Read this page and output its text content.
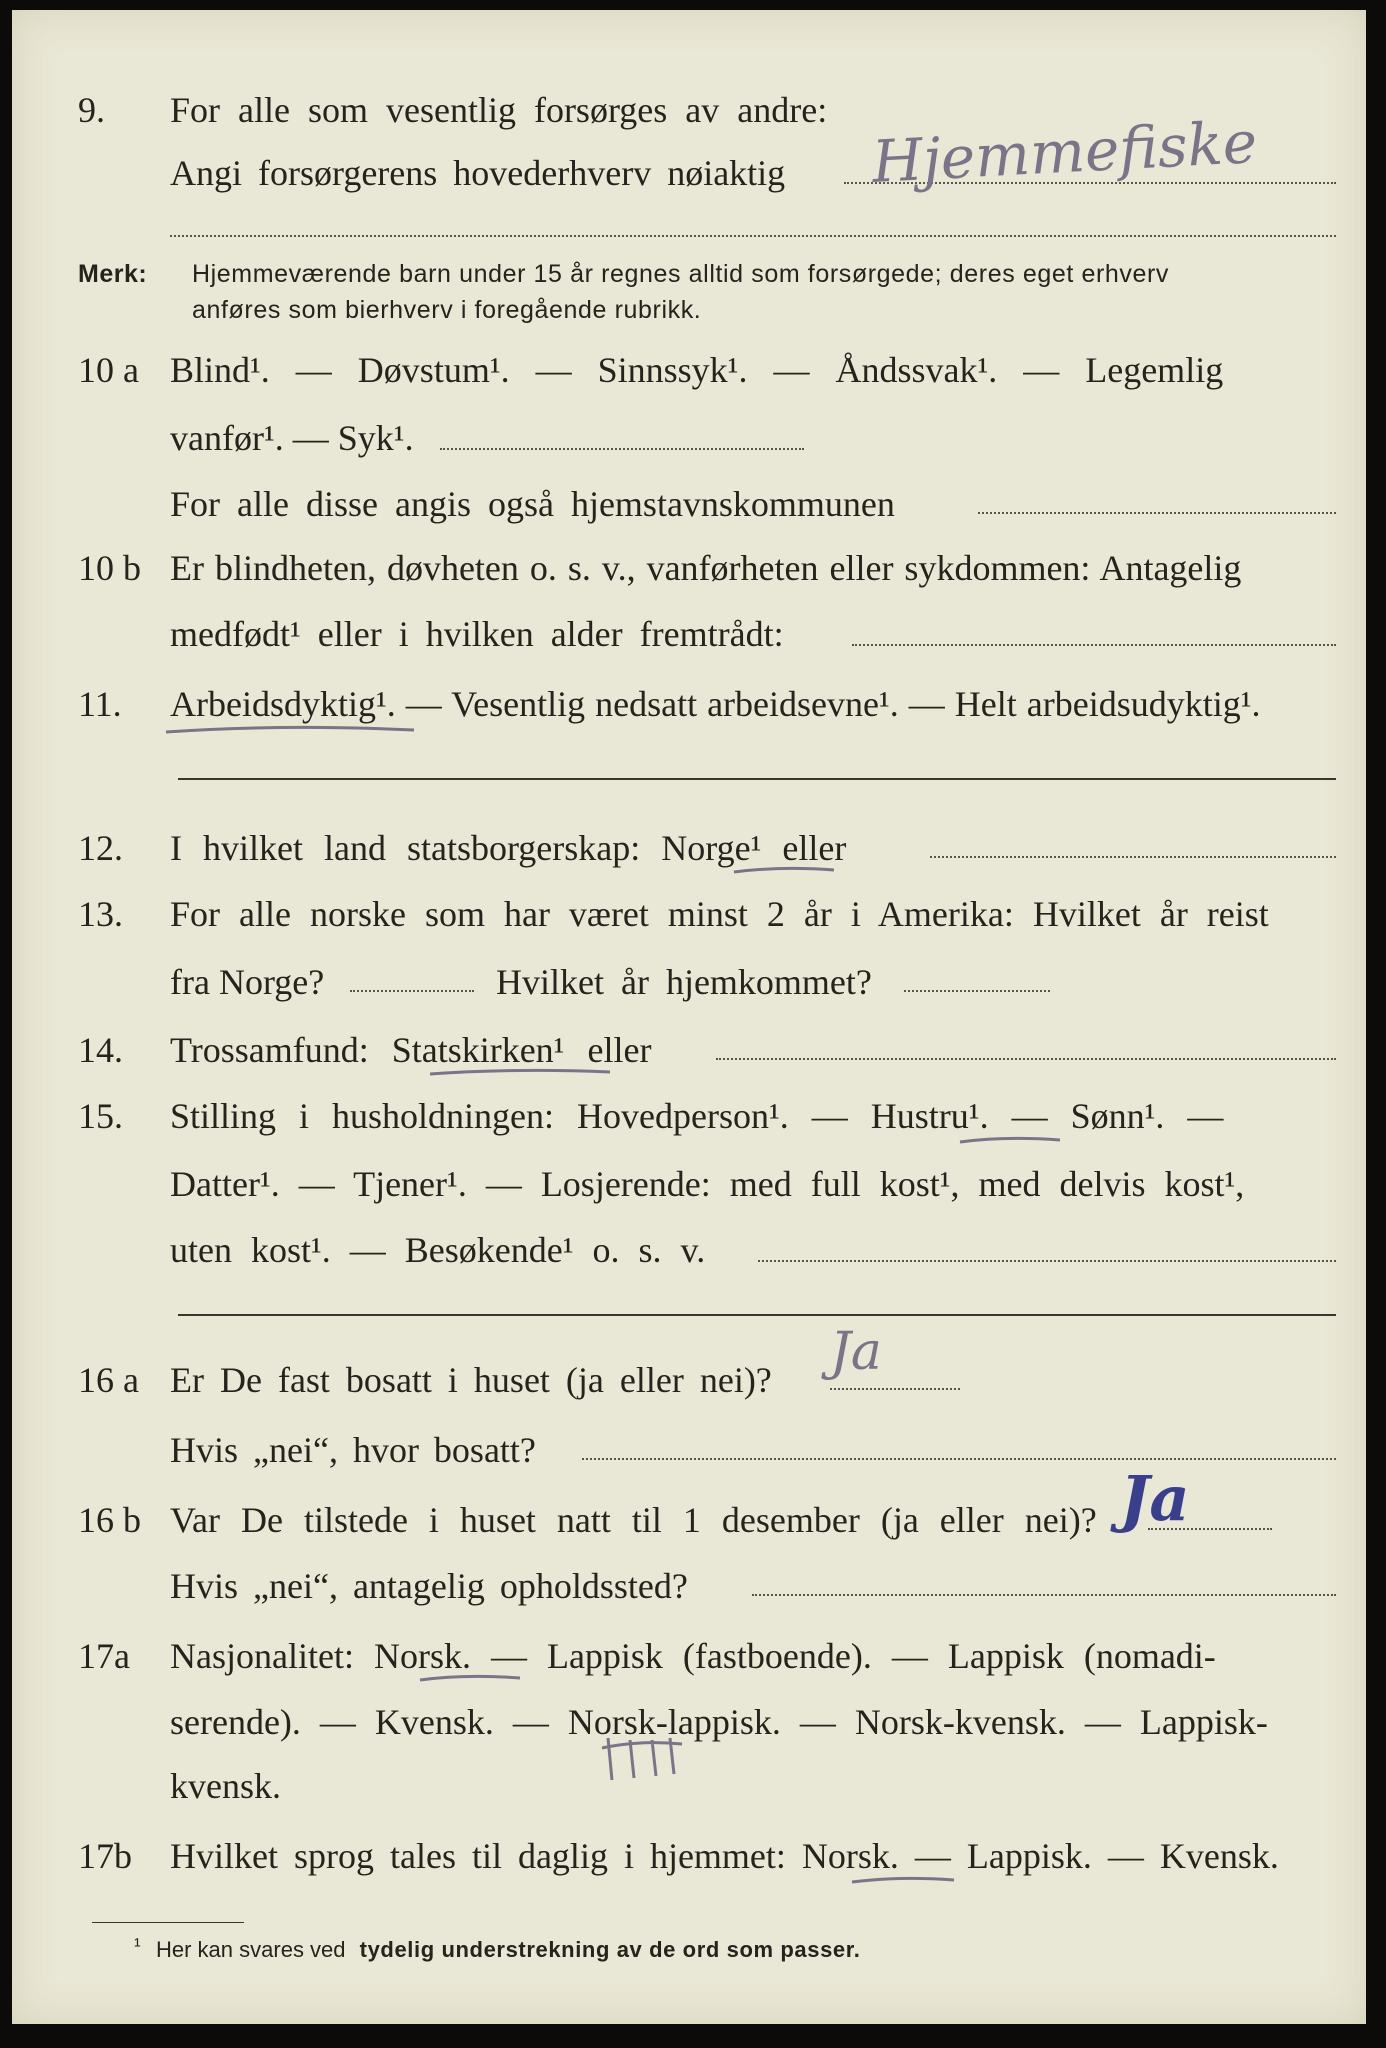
9.	For alle som vesentlig forsørges av andre:
Angi forsørgerens hovederhverv nøiaktig Hjemmefiske
Merk: Hjemmeværende barn under 15 år regnes alltid som forsørgede; deres eget erhverv
anføres som bierhverv i foregående rubrikk.
10 a Blind¹. — Døvstum¹. — Sinnssyk¹. — Åndssvak¹. — Legemlig
vanfør¹. — Syk¹.
For alle disse angis også hjemstavnskommunen
10 b Er blindheten, døvheten o. s. v., vanførheten eller sykdommen: Antagelig
medfødt¹ eller i hvilken alder fremtrådt:
11.	Arbeidsdyktig¹. — Vesentlig nedsatt arbeidsevne¹. — Helt arbeidsudyktig¹.
12.	I hvilket land statsborgerskap: Norge¹ eller
13.	For alle norske som har været minst 2 år i Amerika: Hvilket år reist
fra Norge?	Hvilket år hjemkommet?
14.	Trossamfund: Statskirken¹ eller
15.	Stilling i husholdningen: Hovedperson¹. — Hustru¹. — Sønn¹. —
Datter¹. — Tjener¹. — Losjerende: med full kost¹, med delvis kost¹,
uten kost¹. — Besøkende¹ o. s. v.
16 a Er De fast bosatt i huset (ja eller nei)? Ja
Hvis „nei“, hvor bosatt?
16 b Var De tilstede i huset natt til 1 desember (ja eller nei)? Ja
Hvis „nei“, antagelig opholdssted?
17a	Nasjonalitet: Norsk. — Lappisk (fastboende). — Lappisk (nomadi-
serende). — Kvensk. — Norsk-lappisk. — Norsk-kvensk. — Lappisk-
kvensk.
17b	Hvilket sprog tales til daglig i hjemmet: Norsk. — Lappisk. — Kvensk.
¹ Her kan svares ved tydelig understrekning av de ord som passer.
